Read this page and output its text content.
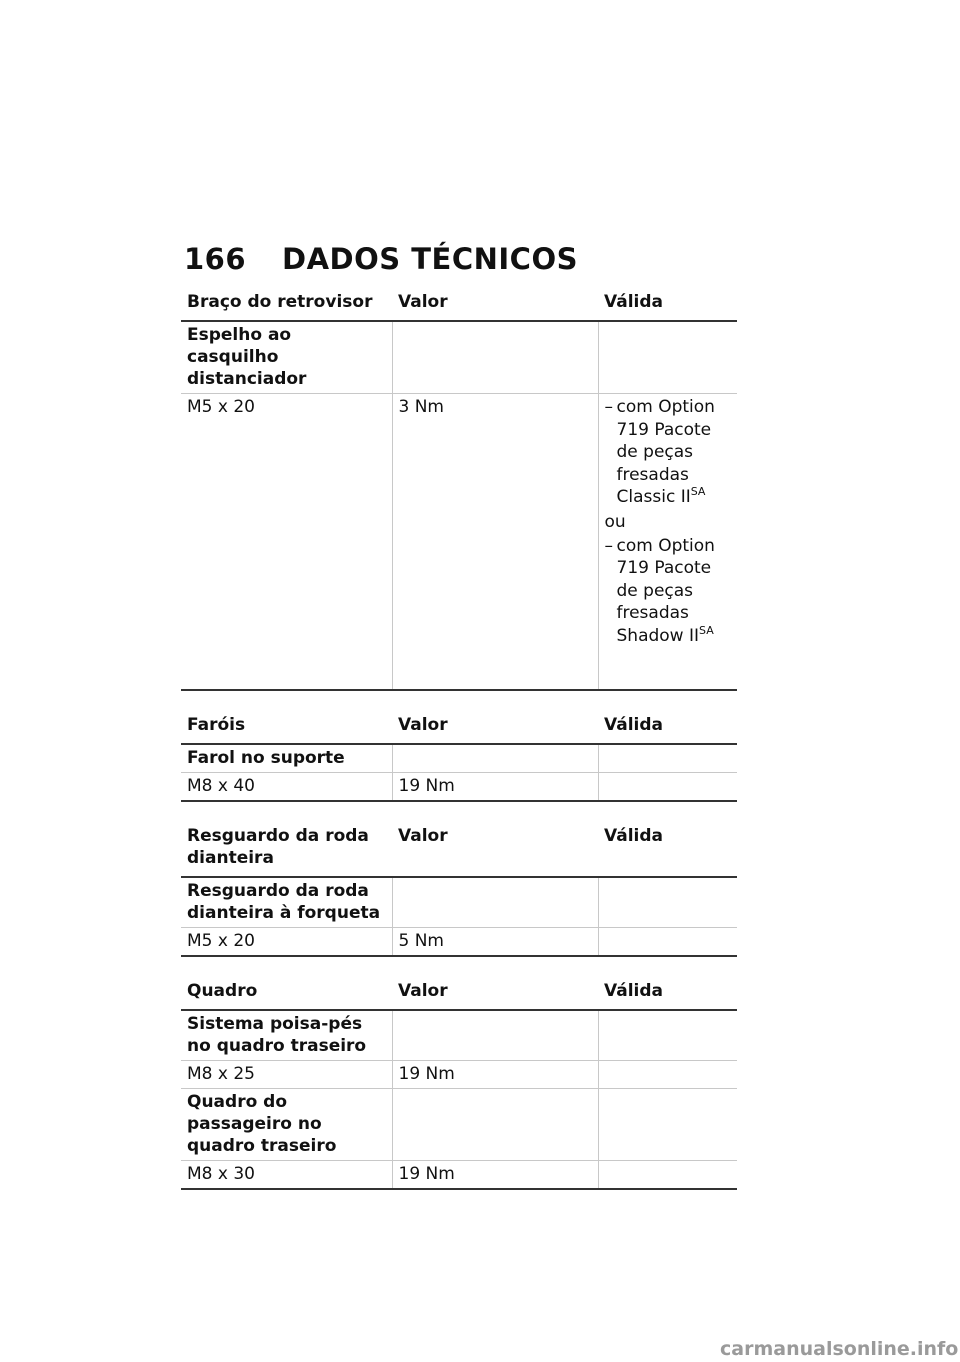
166	DADOS TÉCNICOS
Braço do retrovisor	Valor	Válida
Espelho ao casquilho distanciador		
M5 x 20	3 Nm	– com Option 719 Pacote de peças fresadas Classic $II^{SA}$
ou
– com Option 719 Pacote de peças fresadas Shadow $II^{SA}$
Faróis	Valor	Válida
Farol no suporte		
M8 x 40	19 Nm	
Resguardo da roda dianteira	Valor	Válida
Resguardo da roda dianteira à forqueta		
M5 x 20	5 Nm	
Quadro	Valor	Válida
Sistema poisa-pés no quadro traseiro		
M8 x 25	19 Nm	
Quadro do passageiro no quadro traseiro		
M8 x 30	19 Nm	
carmanualsonline.info
